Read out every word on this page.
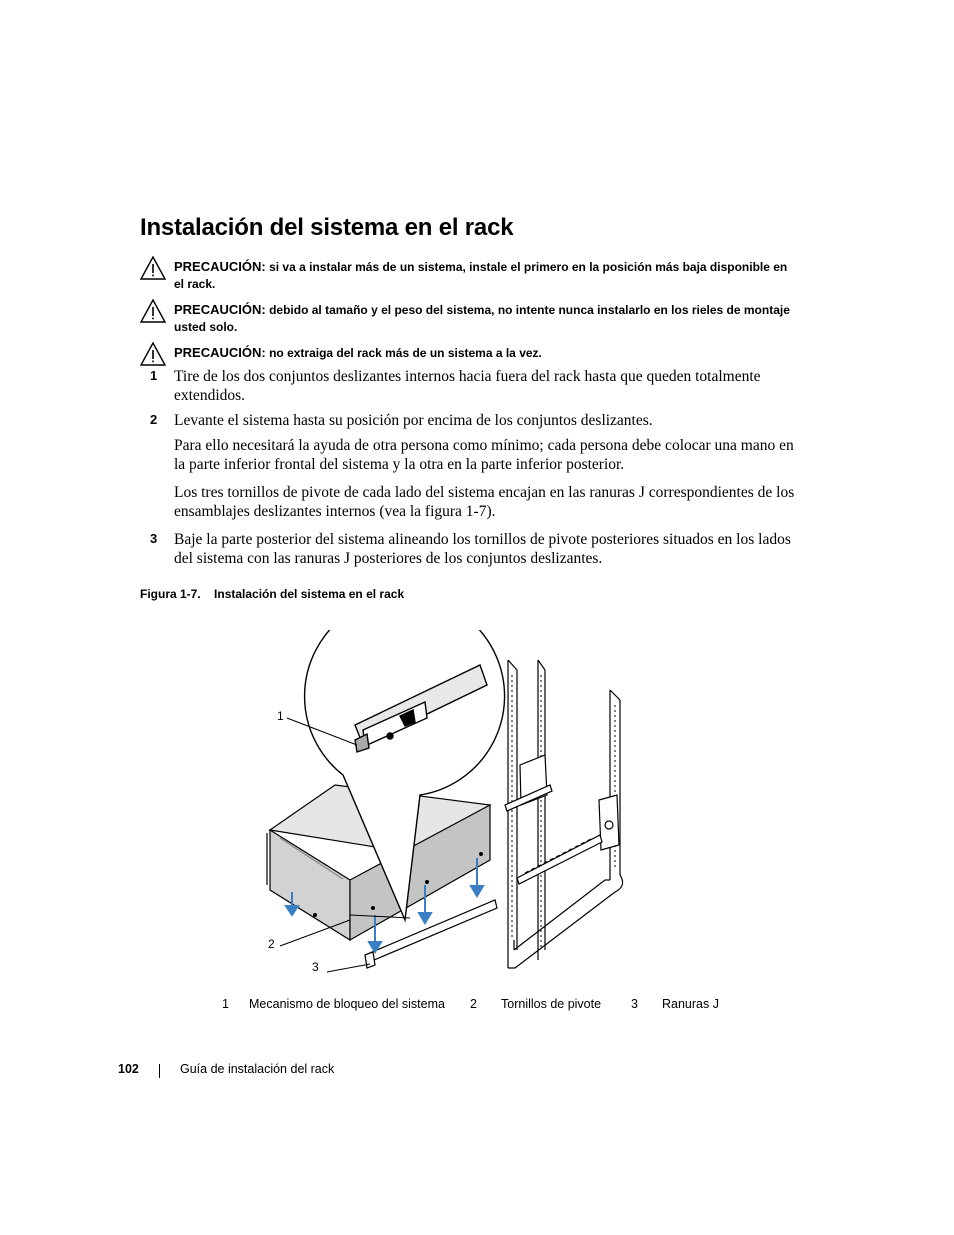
Instalación del sistema en el rack
PRECAUCIÓN: si va a instalar más de un sistema, instale el primero en la posición más baja disponible en el rack.
PRECAUCIÓN: debido al tamaño y el peso del sistema, no intente nunca instalarlo en los rieles de montaje usted solo.
PRECAUCIÓN: no extraiga del rack más de un sistema a la vez.
1 Tire de los dos conjuntos deslizantes internos hacia fuera del rack hasta que queden totalmente extendidos.
2 Levante el sistema hasta su posición por encima de los conjuntos deslizantes.
Para ello necesitará la ayuda de otra persona como mínimo; cada persona debe colocar una mano en la parte inferior frontal del sistema y la otra en la parte inferior posterior.
Los tres tornillos de pivote de cada lado del sistema encajan en las ranuras J correspondientes de los ensamblajes deslizantes internos (vea la figura 1-7).
3 Baje la parte posterior del sistema alineando los tornillos de pivote posteriores situados en los lados del sistema con las ranuras J posteriores de los conjuntos deslizantes.
Figura 1-7. Instalación del sistema en el rack
1
2
3
1 Mecanismo de bloqueo del sistema 2 Tornillos de pivote 3 Ranuras J
102	Guía de instalación del rack
